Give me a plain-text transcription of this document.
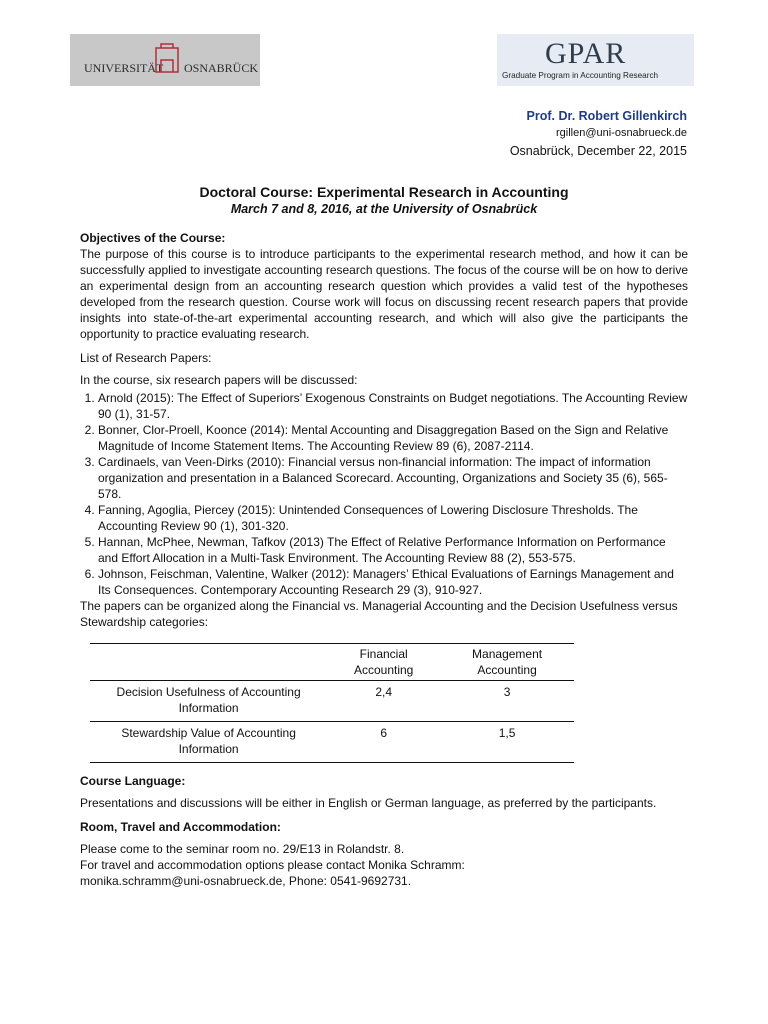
UNIVERSITÄT OSNABRÜCK	GPAR
Graduate Program in Accounting Research
Prof. Dr. Robert Gillenkirch
rgillen@uni-osnabrueck.de
Osnabrück, December 22, 2015
Doctoral Course: Experimental Research in Accounting
March 7 and 8, 2016, at the University of Osnabrück

Objectives of the Course:

The purpose of this course is to introduce participants to the experimental research method, and how it can be successfully applied to investigate accounting research questions. The focus of the course will be on how to derive an experimental design from an accounting research question which provides a valid test of the hypotheses developed from the research question. Course work will focus on discussing recent research papers that provide insights into state-of-the-art experimental accounting research, and which will also give the participants the opportunity to practice evaluating research.

List of Research Papers:

In the course, six research papers will be discussed:

1. Arnold (2015): The Effect of Superiors’ Exogenous Constraints on Budget negotiations. The Accounting Review 90 (1), 31-57.
2. Bonner, Clor-Proell, Koonce (2014): Mental Accounting and Disaggregation Based on the Sign and Relative Magnitude of Income Statement Items. The Accounting Review 89 (6), 2087-2114.
3. Cardinaels, van Veen-Dirks (2010): Financial versus non-financial information: The impact of information organization and presentation in a Balanced Scorecard. Accounting, Organizations and Society 35 (6), 565-578.
4. Fanning, Agoglia, Piercey (2015): Unintended Consequences of Lowering Disclosure Thresholds. The Accounting Review 90 (1), 301-320.
5. Hannan, McPhee, Newman, Tafkov (2013) The Effect of Relative Performance Information on Performance and Effort Allocation in a Multi-Task Environment. The Accounting Review 88 (2), 553-575.
6. Johnson, Feischman, Valentine, Walker (2012): Managers’ Ethical Evaluations of Earnings Management and Its Consequences. Contemporary Accounting Research 29 (3), 910-927.

The papers can be organized along the Financial vs. Managerial Accounting and the Decision Usefulness versus Stewardship categories:

	Financial Accounting	Management Accounting
Decision Usefulness of Accounting Information	2,4	3
Stewardship Value of Accounting Information	6	1,5

Course Language:

Presentations and discussions will be either in English or German language, as preferred by the participants.

Room, Travel and Accommodation:

Please come to the seminar room no. 29/E13 in Rolandstr. 8.

For travel and accommodation options please contact Monika Schramm:

monika.schramm@uni-osnabrueck.de, Phone: 0541-9692731.
